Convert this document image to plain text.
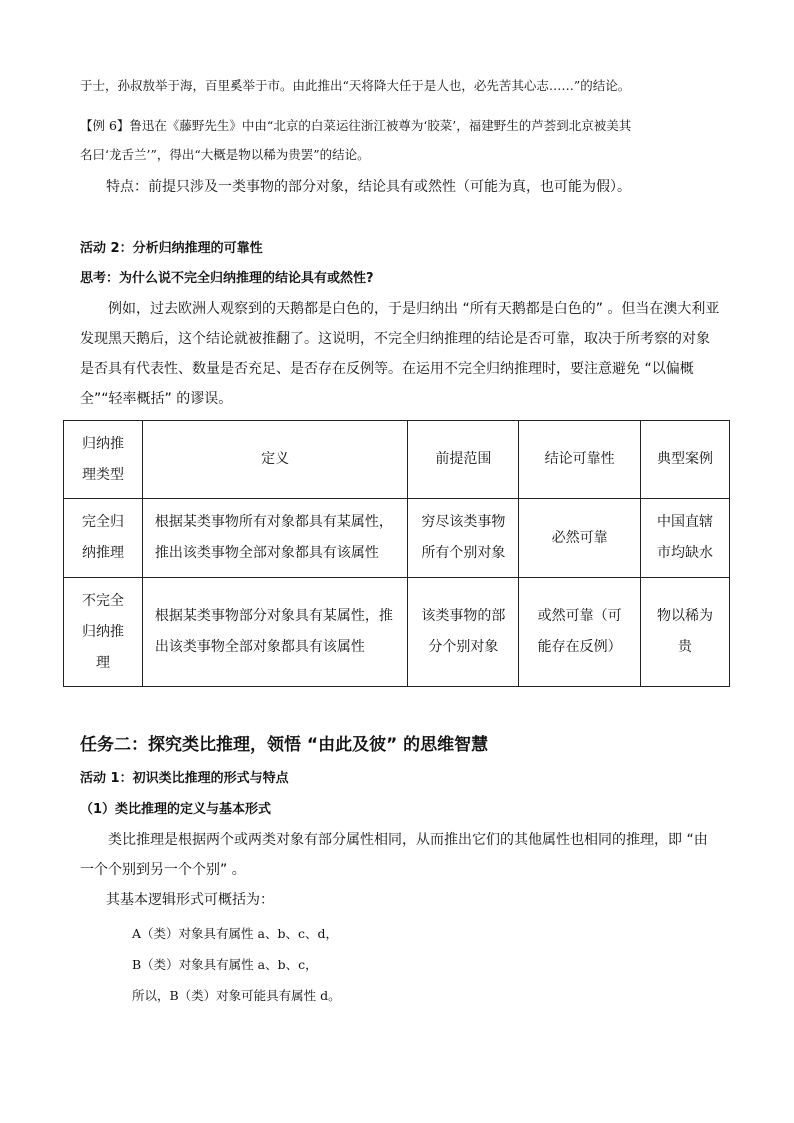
于士，孙叔敖举于海，百里奚举于市。由此推出“天将降大任于是人也，必先苦其心志……”的结论。
【例 6】鲁迅在《藤野先生》中由“北京的白菜运往浙江被尊为‘胶菜’，福建野生的芦荟到北京被美其
名曰‘龙舌兰’”，得出“大概是物以稀为贵罢”的结论。
特点：前提只涉及一类事物的部分对象，结论具有或然性（可能为真，也可能为假）。
活动 2：分析归纳推理的可靠性
思考：为什么说不完全归纳推理的结论具有或然性?
例如，过去欧洲人观察到的天鹅都是白色的，于是归纳出 “所有天鹅都是白色的” 。但当在澳大利亚发现黑天鹅后，这个结论就被推翻了。这说明，不完全归纳推理的结论是否可靠，取决于所考察的对象是否具有代表性、数量是否充足、是否存在反例等。在运用不完全归纳推理时，要注意避免 “以偏概全”“轻率概括” 的谬误。
归纳推理类型	定义	前提范围	结论可靠性	典型案例
完全归纳推理	根据某类事物所有对象都具有某属性，推出该类事物全部对象都具有该属性	穷尽该类事物所有个别对象	必然可靠	中国直辖市均缺水
不完全归纳推理	根据某类事物部分对象具有某属性，推出该类事物全部对象都具有该属性	该类事物的部分个别对象	或然可靠（可能存在反例）	物以稀为贵
任务二：探究类比推理，领悟 “由此及彼” 的思维智慧
活动 1：初识类比推理的形式与特点
（1）类比推理的定义与基本形式
类比推理是根据两个或两类对象有部分属性相同，从而推出它们的其他属性也相同的推理，即 “由一个个别到另一个个别” 。
其基本逻辑形式可概括为：
A（类）对象具有属性 a、b、c、d，
B（类）对象具有属性 a、b、c，
所以，B（类）对象可能具有属性 d。
